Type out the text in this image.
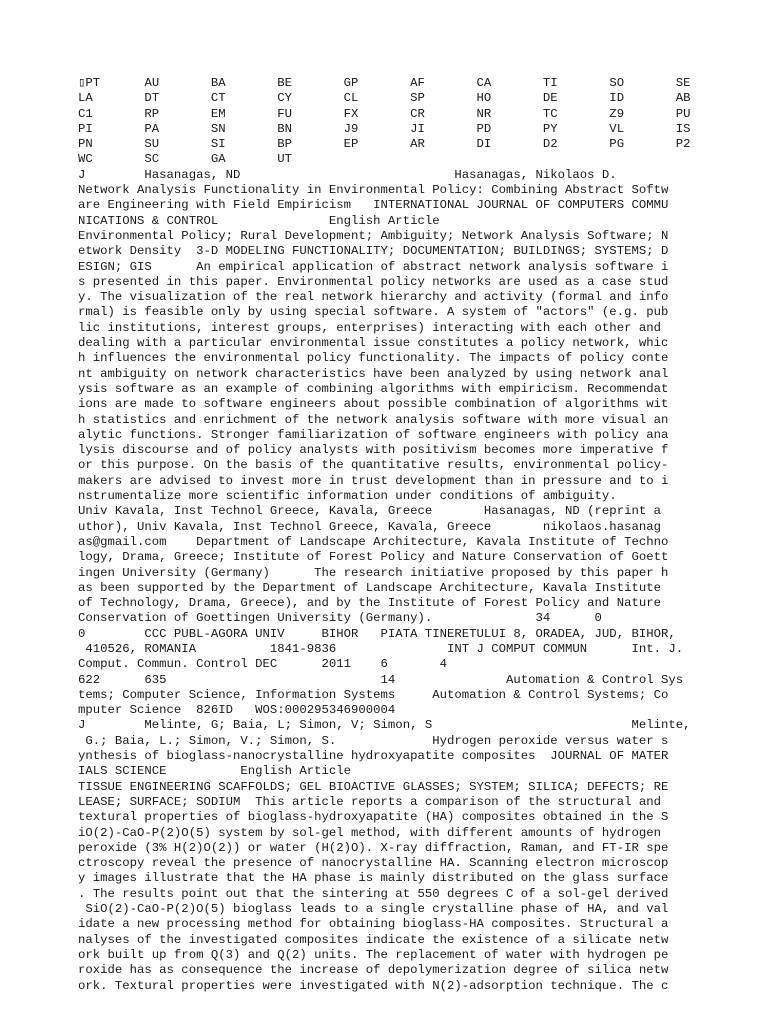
▯PT      AU       BA       BE       GP       AF       CA       TI       SO       SE
LA       DT       CT       CY       CL       SP       HO       DE       ID       AB
C1       RP       EM       FU       FX       CR       NR       TC       Z9       PU
PI       PA       SN       BN       J9       JI       PD       PY       VL       IS
PN       SU       SI       BP       EP       AR       DI       D2       PG       P2
WC       SC       GA       UT
J        Hasanagas, ND                             Hasanagas, Nikolaos D.
Network Analysis Functionality in Environmental Policy: Combining Abstract Softw
are Engineering with Field Empiricism   INTERNATIONAL JOURNAL OF COMPUTERS COMMU
NICATIONS & CONTROL               English Article
Environmental Policy; Rural Development; Ambiguity; Network Analysis Software; N
etwork Density  3-D MODELING FUNCTIONALITY; DOCUMENTATION; BUILDINGS; SYSTEMS; D
ESIGN; GIS      An empirical application of abstract network analysis software i
s presented in this paper. Environmental policy networks are used as a case stud
y. The visualization of the real network hierarchy and activity (formal and info
rmal) is feasible only by using special software. A system of "actors" (e.g. pub
lic institutions, interest groups, enterprises) interacting with each other and
dealing with a particular environmental issue constitutes a policy network, whic
h influences the environmental policy functionality. The impacts of policy conte
nt ambiguity on network characteristics have been analyzed by using network anal
ysis software as an example of combining algorithms with empiricism. Recommendat
ions are made to software engineers about possible combination of algorithms wit
h statistics and enrichment of the network analysis software with more visual an
alytic functions. Stronger familiarization of software engineers with policy ana
lysis discourse and of policy analysts with positivism becomes more imperative f
or this purpose. On the basis of the quantitative results, environmental policy-
makers are advised to invest more in trust development than in pressure and to i
nstrumentalize more scientific information under conditions of ambiguity.
Univ Kavala, Inst Technol Greece, Kavala, Greece       Hasanagas, ND (reprint a
uthor), Univ Kavala, Inst Technol Greece, Kavala, Greece       nikolaos.hasanag
as@gmail.com    Department of Landscape Architecture, Kavala Institute of Techno
logy, Drama, Greece; Institute of Forest Policy and Nature Conservation of Goett
ingen University (Germany)      The research initiative proposed by this paper h
as been supported by the Department of Landscape Architecture, Kavala Institute
of Technology, Drama, Greece), and by the Institute of Forest Policy and Nature
Conservation of Goettingen University (Germany).              34      0
0        CCC PUBL-AGORA UNIV     BIHOR   PIATA TINERETULUI 8, ORADEA, JUD, BIHOR,
410526, ROMANIA          1841-9836               INT J COMPUT COMMUN      Int. J.
Comput. Commun. Control DEC      2011    6       4
622      635                             14               Automation & Control Sys
tems; Computer Science, Information Systems     Automation & Control Systems; Co
mputer Science  826ID   WOS:000295346900004
J        Melinte, G; Baia, L; Simon, V; Simon, S                           Melinte,
G.; Baia, L.; Simon, V.; Simon, S.             Hydrogen peroxide versus water s
ynthesis of bioglass-nanocrystalline hydroxyapatite composites  JOURNAL OF MATER
IALS SCIENCE          English Article
TISSUE ENGINEERING SCAFFOLDS; GEL BIOACTIVE GLASSES; SYSTEM; SILICA; DEFECTS; RE
LEASE; SURFACE; SODIUM  This article reports a comparison of the structural and
textural properties of bioglass-hydroxyapatite (HA) composites obtained in the S
iO(2)-CaO-P(2)O(5) system by sol-gel method, with different amounts of hydrogen
peroxide (3% H(2)O(2)) or water (H(2)O). X-ray diffraction, Raman, and FT-IR spe
ctroscopy reveal the presence of nanocrystalline HA. Scanning electron microscop
y images illustrate that the HA phase is mainly distributed on the glass surface
. The results point out that the sintering at 550 degrees C of a sol-gel derived
SiO(2)-CaO-P(2)O(5) bioglass leads to a single crystalline phase of HA, and val
idate a new processing method for obtaining bioglass-HA composites. Structural a
nalyses of the investigated composites indicate the existence of a silicate netw
ork built up from Q(3) and Q(2) units. The replacement of water with hydrogen pe
roxide has as consequence the increase of depolymerization degree of silica netw
ork. Textural properties were investigated with N(2)-adsorption technique. The c
